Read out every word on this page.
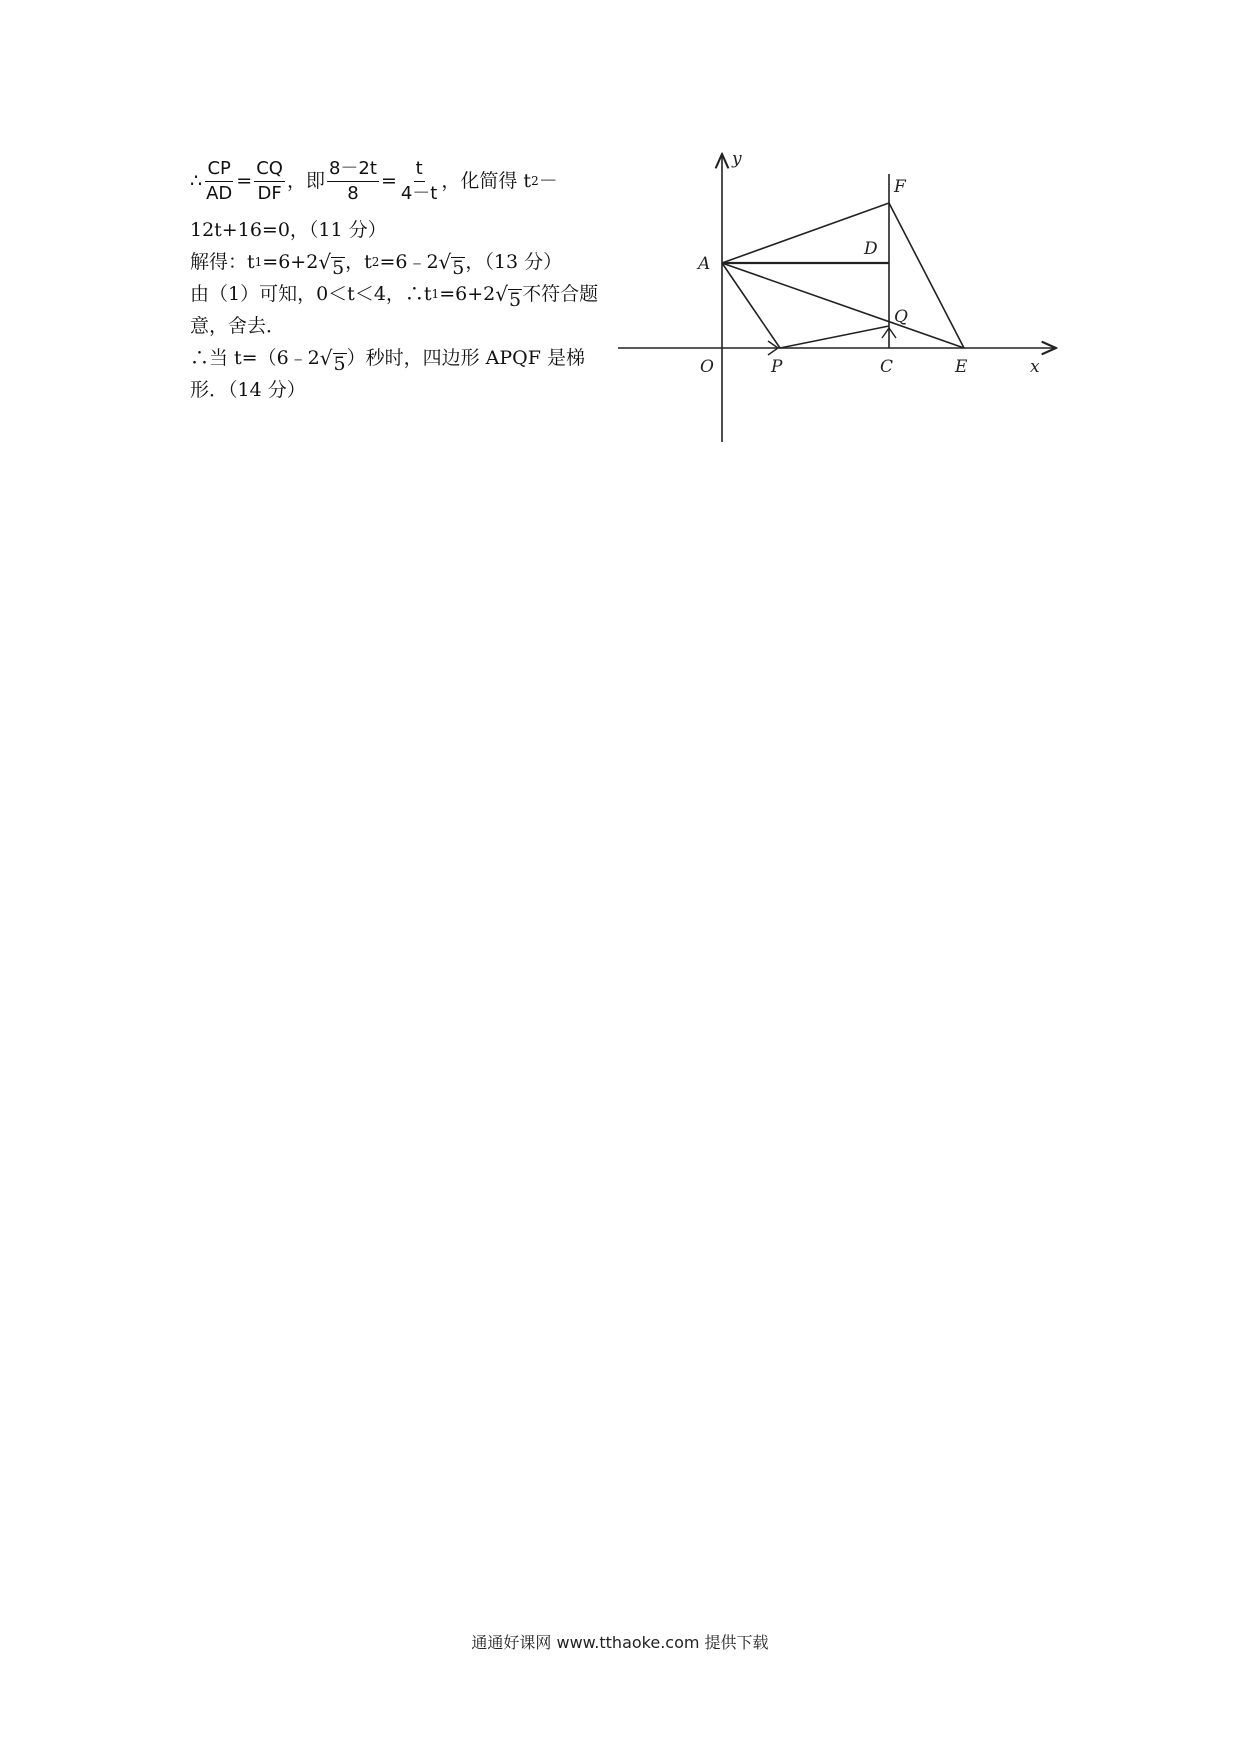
∴ $\frac{CP}{AD} = \frac{CQ}{DF}$ ，即 $\frac{8-2t}{8} = \frac{t}{4-t}$ ，化简得 t 2 －
12t+16=0，（11 分）
解得：t 1 =6+2 √ 5 ，t 2 =6﹣2 √ 5 ，（13 分）
由（1）可知，0＜t＜4，∴t 1 =6+2 √ 5 不符合题
意，舍去．
∴当 t=（6﹣2 √ 5 ）秒时，四边形 APQF 是梯
形．（14 分）
y
x
O
A
D
F
Q
P	C	E
通通好课网 www.tthaoke.com 提供下载
